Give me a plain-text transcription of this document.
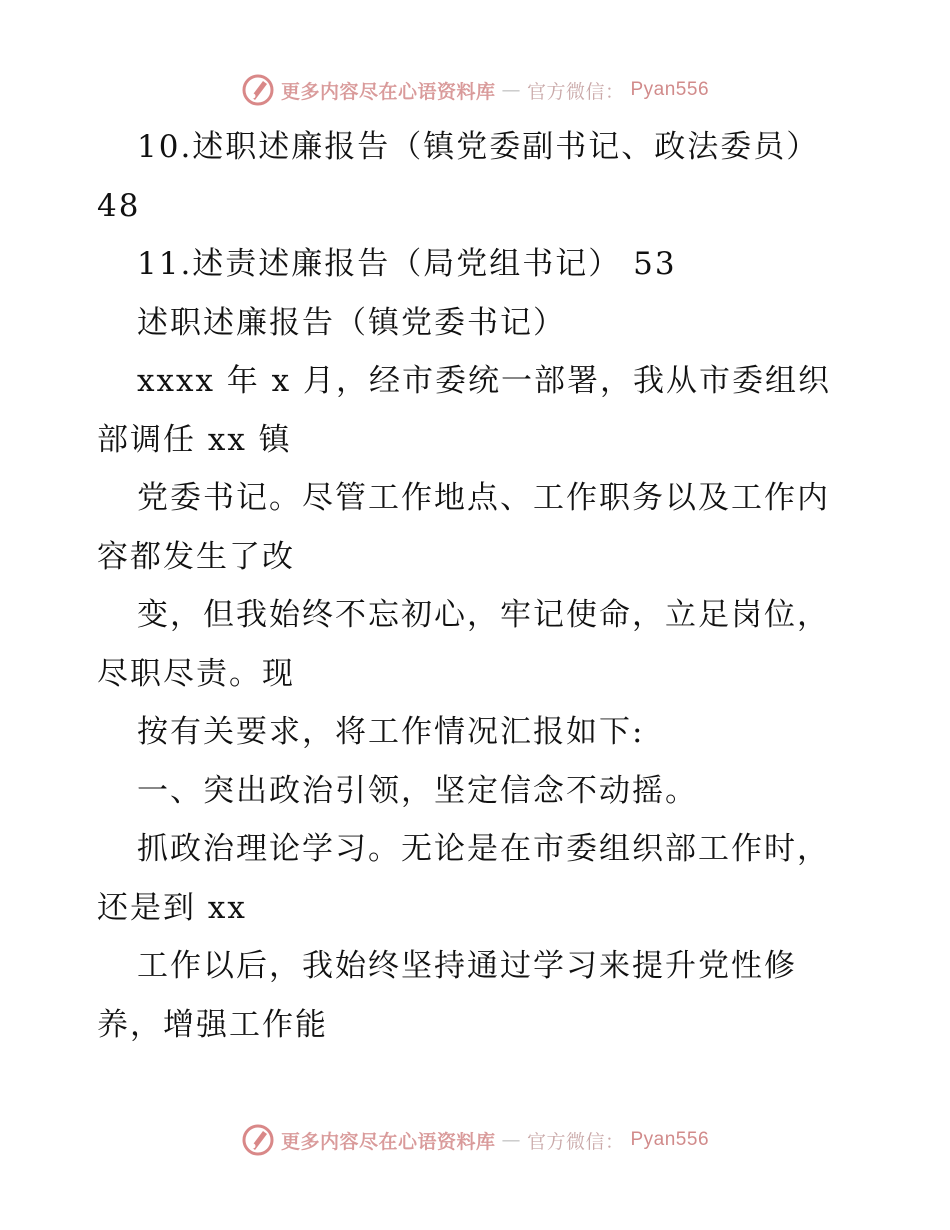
更多内容尽在心语资料库 — 官方微信： Pyan556
10.述职述廉报告（镇党委副书记、政法委员）
48
11.述责述廉报告（局党组书记） 53
述职述廉报告（镇党委书记）
xxxx 年 x 月，经市委统一部署，我从市委组织
部调任 xx 镇
党委书记。尽管工作地点、工作职务以及工作内
容都发生了改
变，但我始终不忘初心，牢记使命，立足岗位，
尽职尽责。现
按有关要求，将工作情况汇报如下:
一、突出政治引领，坚定信念不动摇。
抓政治理论学习。无论是在市委组织部工作时，
还是到 xx
工作以后，我始终坚持通过学习来提升党性修
养，增强工作能
更多内容尽在心语资料库 — 官方微信： Pyan556
